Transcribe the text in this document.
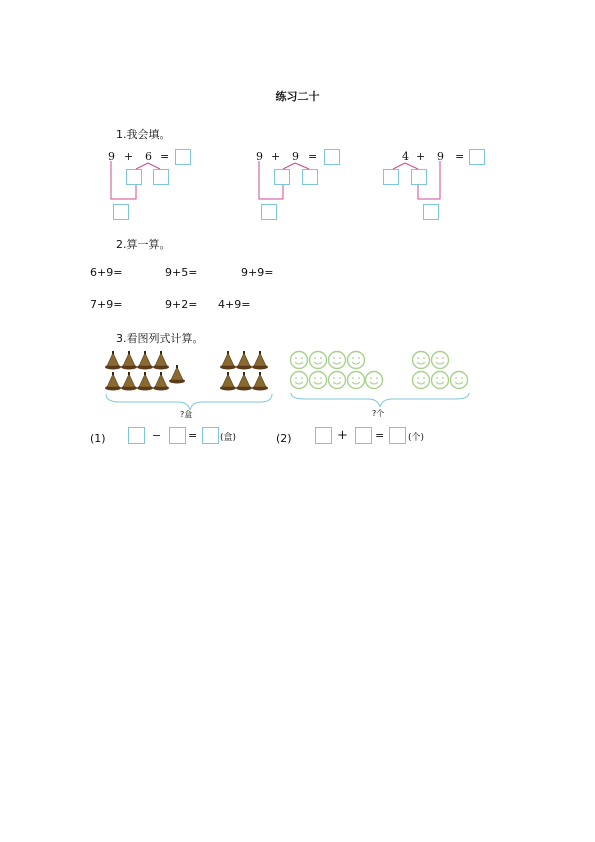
练习二十
1.我会填。
9 + 6 =	9 + 9 =	4 + 9 =
2.算一算。
6+9=	9+5=	9+9=
7+9=	9+2= 4+9=
3.看图列式计算。
?盒	?个
(1)	− =	(盒)	(2)	+ =	(个)
